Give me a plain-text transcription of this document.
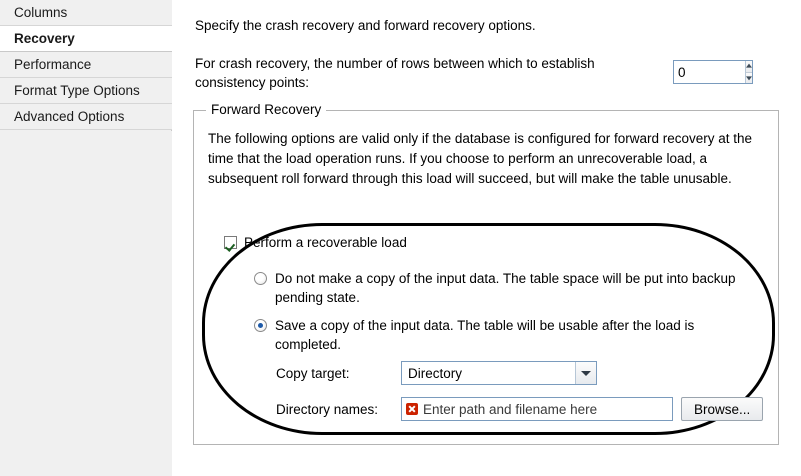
Columns
Recovery
Performance
Format Type Options
Advanced Options
Specify the crash recovery and forward recovery options.
For crash recovery, the number of rows between which to establish consistency points:
0
Forward Recovery
The following options are valid only if the database is configured for forward recovery at the time that the load operation runs. If you choose to perform an unrecoverable load, a subsequent roll forward through this load will succeed, but will make the table unusable.
Perform a recoverable load
Do not make a copy of the input data. The table space will be put into backup pending state.
Save a copy of the input data. The table will be usable after the load is completed.
Copy target:	Directory
Directory names:	Enter path and filename here	Browse...
